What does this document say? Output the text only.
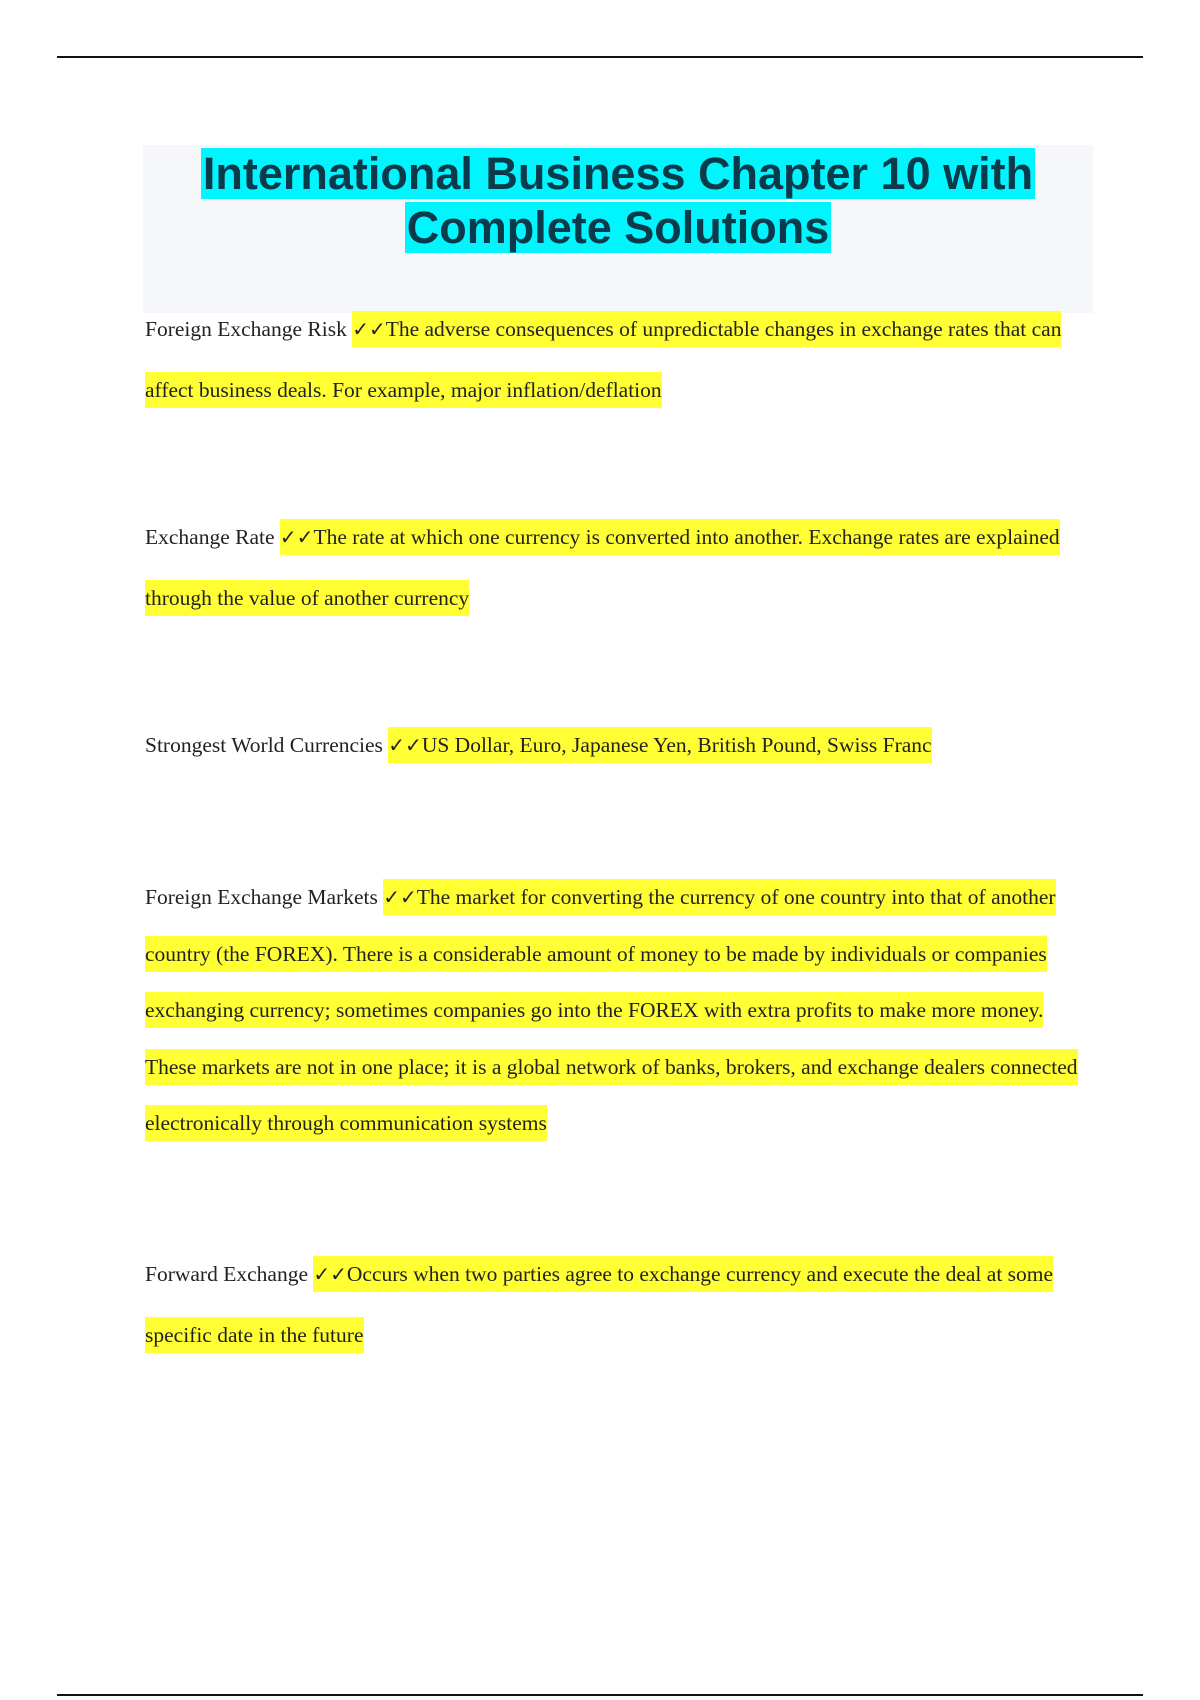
International Business Chapter 10 with Complete Solutions

Foreign Exchange Risk ✓✓The adverse consequences of unpredictable changes in exchange rates that can affect business deals. For example, major inflation/deflation

Exchange Rate ✓✓The rate at which one currency is converted into another. Exchange rates are explained through the value of another currency

Strongest World Currencies ✓✓US Dollar, Euro, Japanese Yen, British Pound, Swiss Franc

Foreign Exchange Markets ✓✓The market for converting the currency of one country into that of another country (the FOREX). There is a considerable amount of money to be made by individuals or companies exchanging currency; sometimes companies go into the FOREX with extra profits to make more money. These markets are not in one place; it is a global network of banks, brokers, and exchange dealers connected electronically through communication systems

Forward Exchange ✓✓Occurs when two parties agree to exchange currency and execute the deal at some specific date in the future
